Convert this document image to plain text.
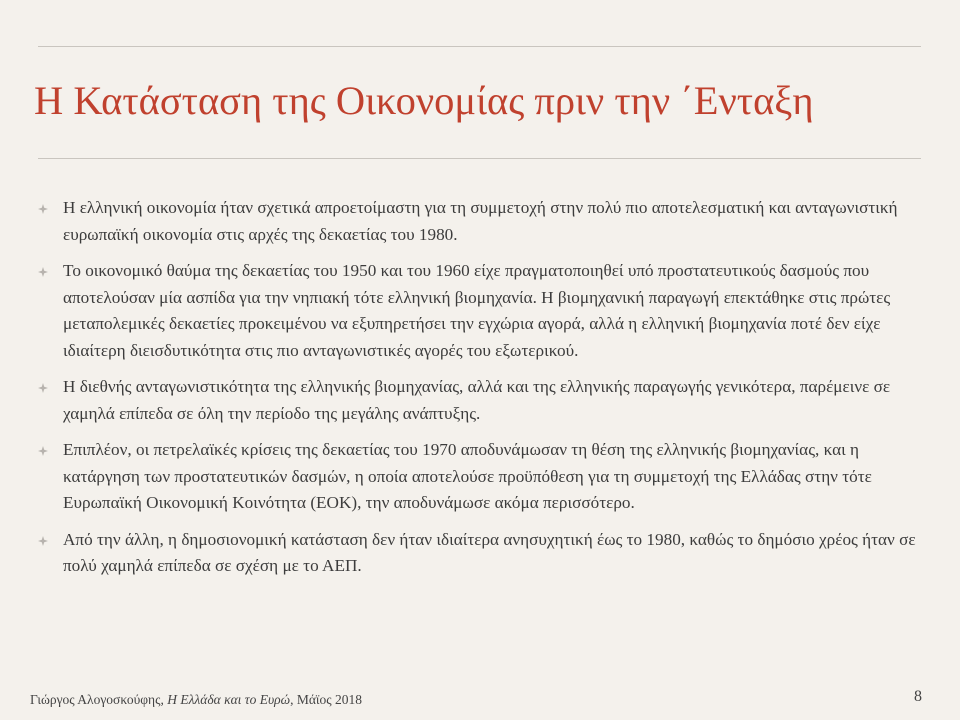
Η Κατάσταση της Οικονομίας πριν την ΄Ενταξη
Η ελληνική οικονομία ήταν σχετικά απροετοίμαστη για τη συμμετοχή στην πολύ πιο αποτελεσματική και ανταγωνιστική ευρωπαϊκή οικονομία στις αρχές της δεκαετίας του 1980.
Το οικονομικό θαύμα της δεκαετίας του 1950 και του 1960 είχε πραγματοποιηθεί υπό προστατευτικούς δασμούς που αποτελούσαν μία ασπίδα για την νηπιακή τότε ελληνική βιομηχανία. Η βιομηχανική παραγωγή επεκτάθηκε στις πρώτες μεταπολεμικές δεκαετίες προκειμένου να εξυπηρετήσει την εγχώρια αγορά, αλλά η ελληνική βιομηχανία ποτέ δεν είχε ιδιαίτερη διεισδυτικότητα στις πιο ανταγωνιστικές αγορές του εξωτερικού.
Η διεθνής ανταγωνιστικότητα της ελληνικής βιομηχανίας, αλλά και της ελληνικής παραγωγής γενικότερα, παρέμεινε σε χαμηλά επίπεδα σε όλη την περίοδο της μεγάλης ανάπτυξης.
Επιπλέον, οι πετρελαϊκές κρίσεις της δεκαετίας του 1970 αποδυνάμωσαν τη θέση της ελληνικής βιομηχανίας, και η κατάργηση των προστατευτικών δασμών, η οποία αποτελούσε προϋπόθεση για τη συμμετοχή της Ελλάδας στην τότε Ευρωπαϊκή Οικονομική Κοινότητα (ΕΟΚ), την αποδυνάμωσε ακόμα περισσότερο.
Από την άλλη, η δημοσιονομική κατάσταση δεν ήταν ιδιαίτερα ανησυχητική έως το 1980, καθώς το δημόσιο χρέος ήταν σε πολύ χαμηλά επίπεδα σε σχέση με το ΑΕΠ.
Γιώργος Αλογοσκούφης, Η Ελλάδα και το Ευρώ, Μάϊος 2018	8
